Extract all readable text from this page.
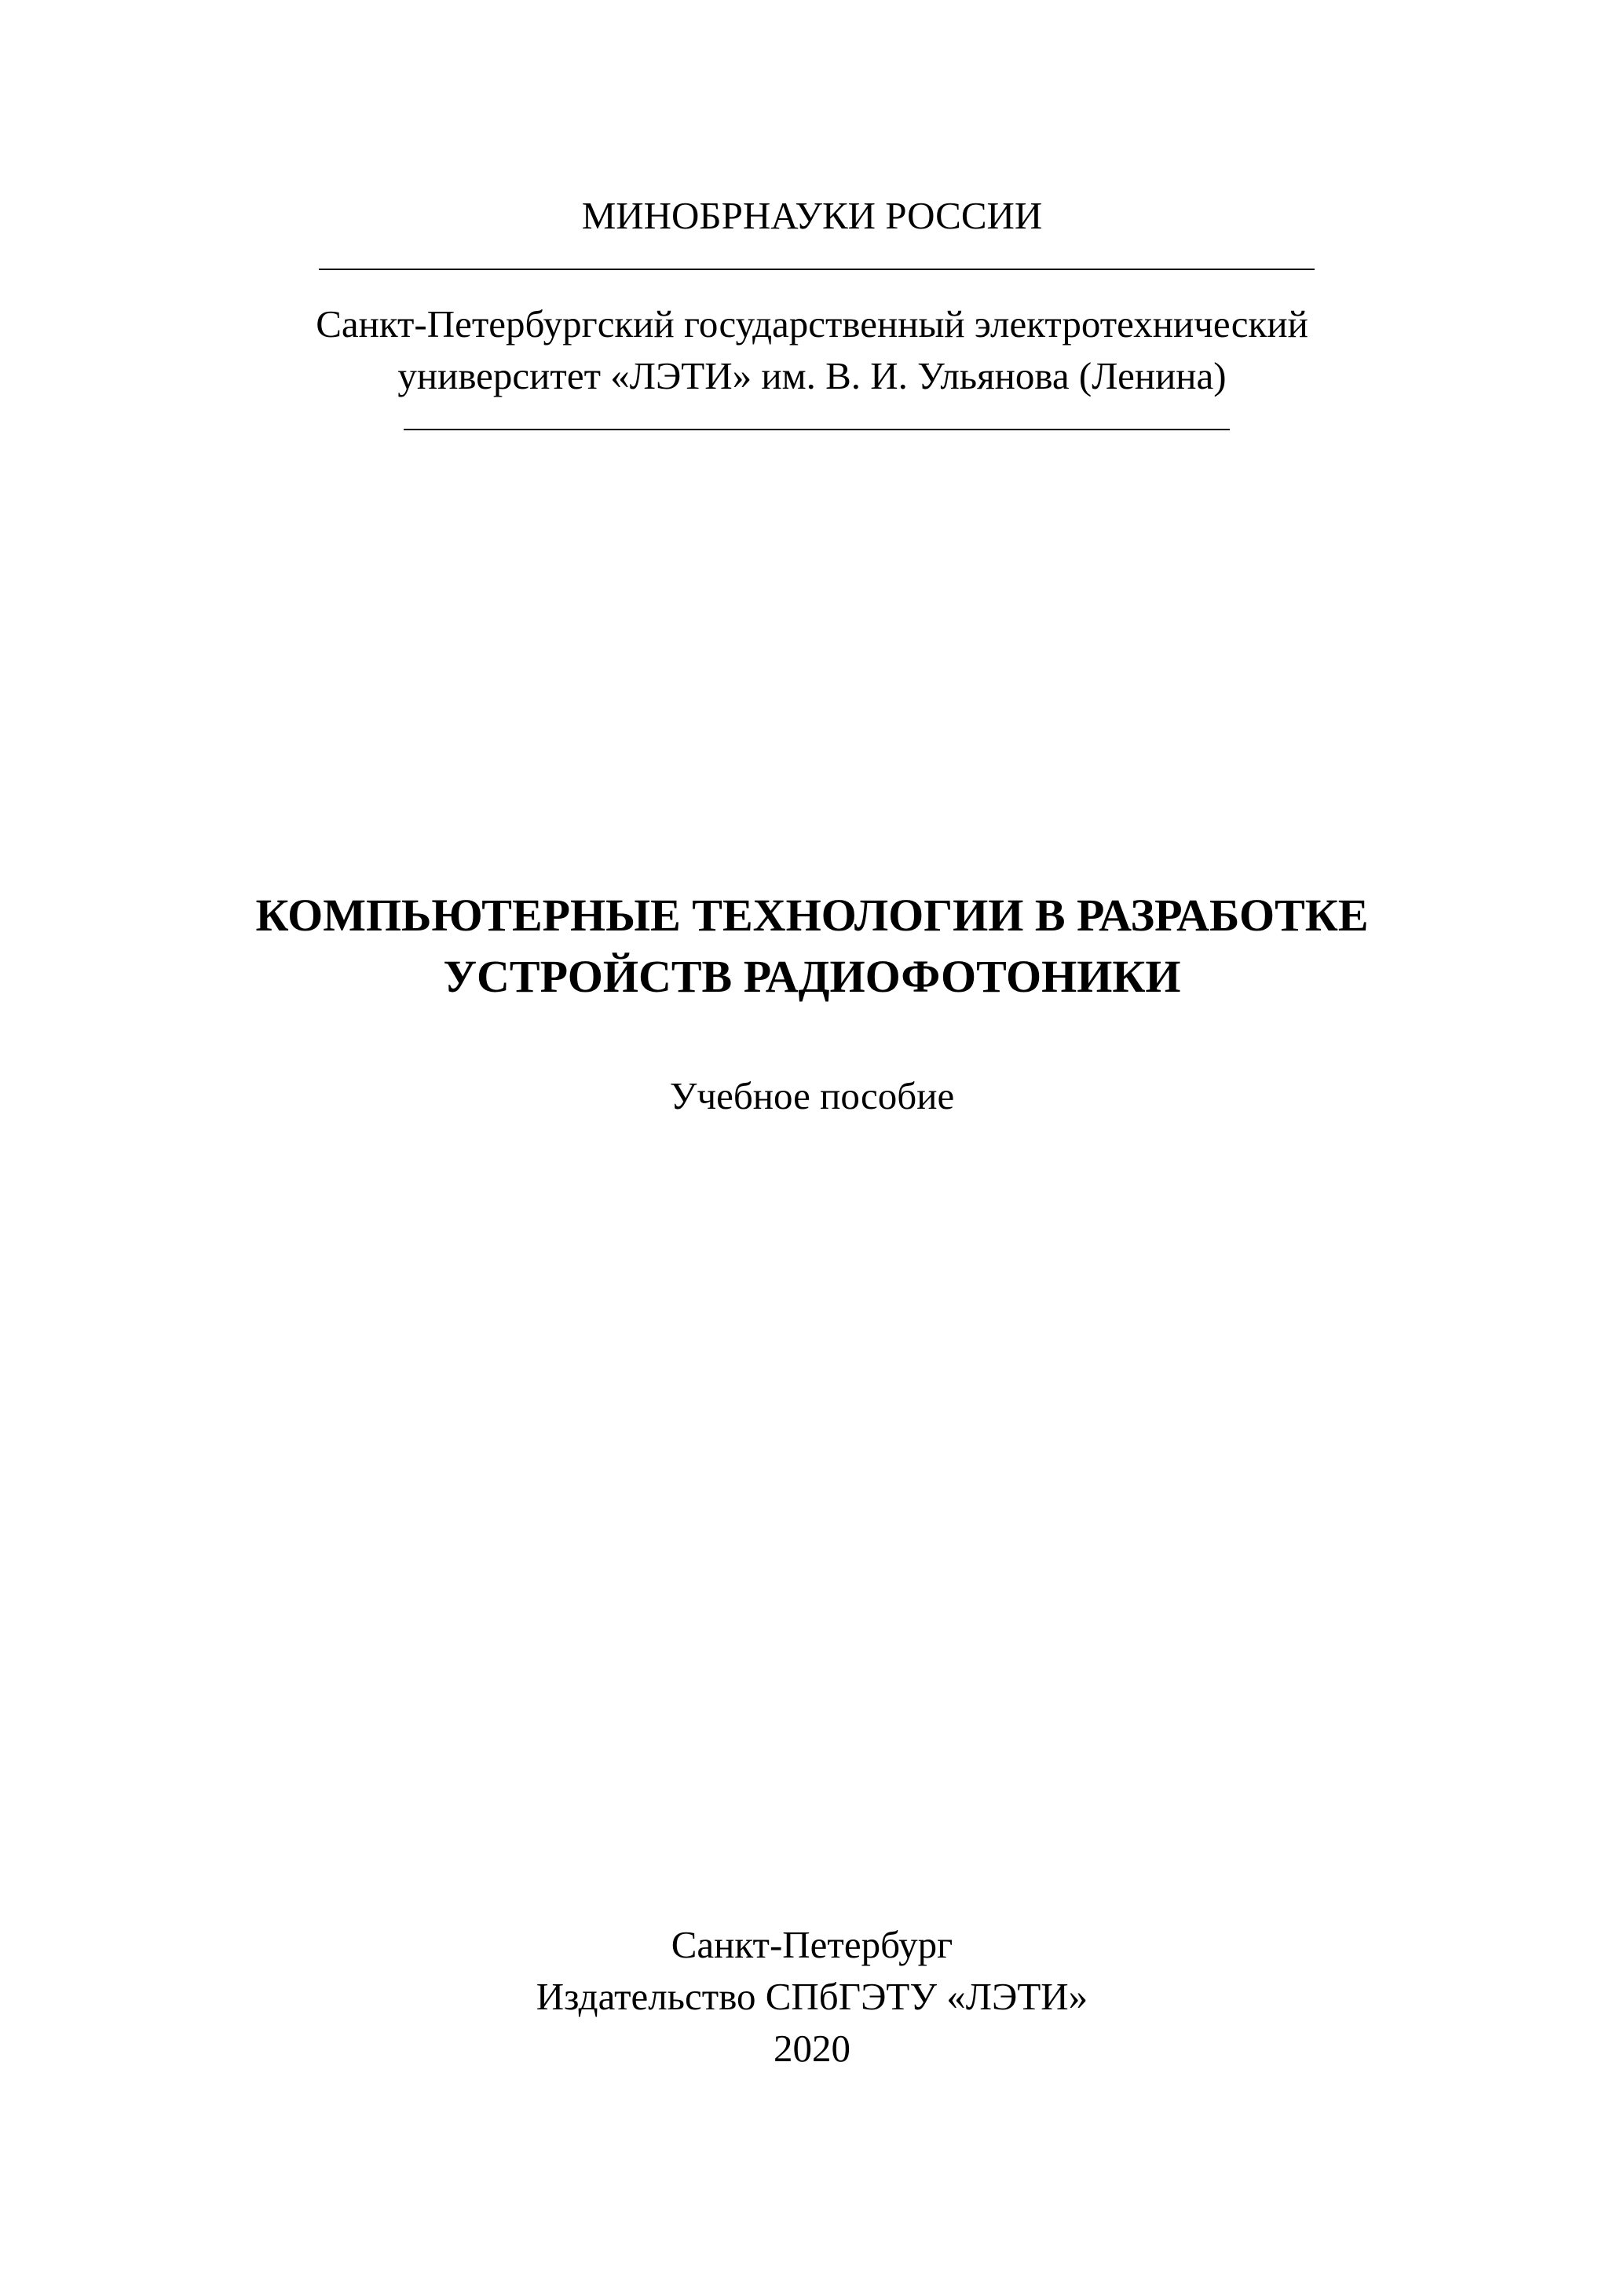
МИНОБРНАУКИ РОССИИ
Санкт-Петербургский государственный электротехнический
университет «ЛЭТИ» им. В. И. Ульянова (Ленина)
КОМПЬЮТЕРНЫЕ ТЕХНОЛОГИИ В РАЗРАБОТКЕ
УСТРОЙСТВ РАДИОФОТОНИКИ
Учебное пособие
Санкт-Петербург
Издательство СПбГЭТУ «ЛЭТИ»
2020
